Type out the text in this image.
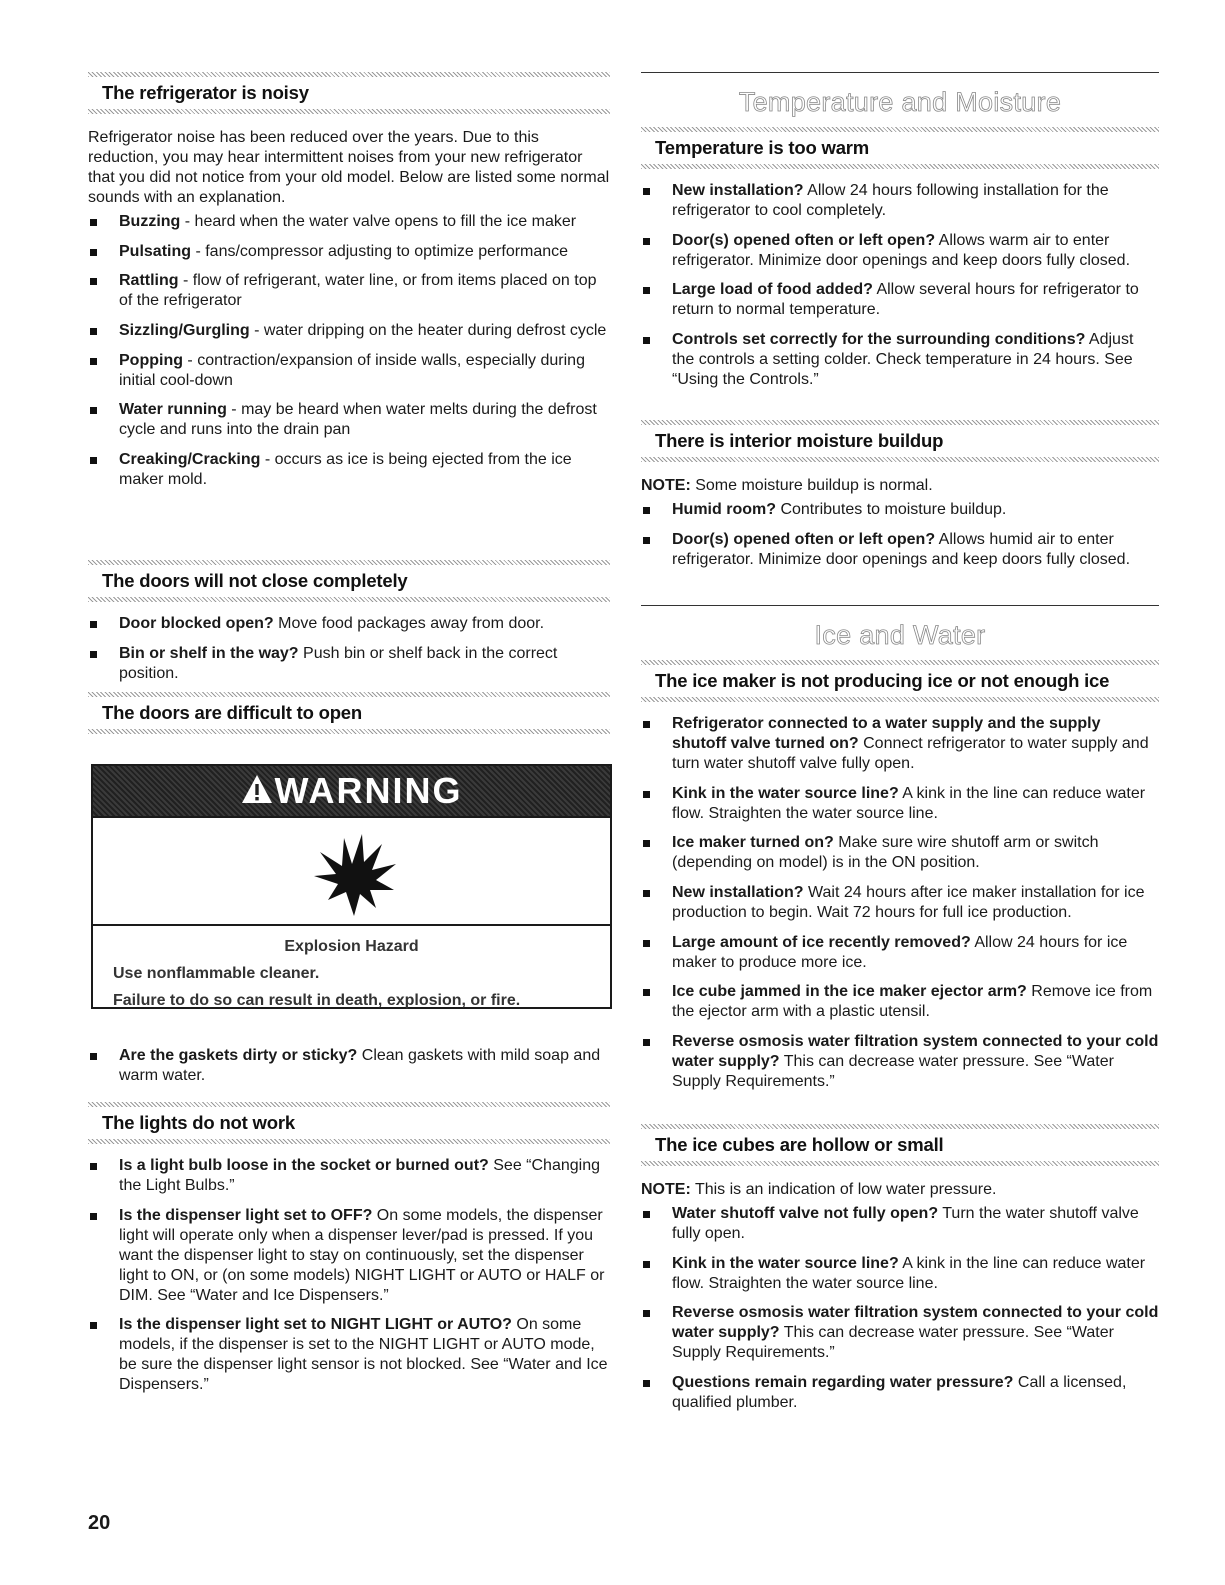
The refrigerator is noisy

Refrigerator noise has been reduced over the years. Due to this reduction, you may hear intermittent noises from your new refrigerator that you did not notice from your old model. Below are listed some normal sounds with an explanation.

Buzzing - heard when the water valve opens to fill the ice maker
Pulsating - fans/compressor adjusting to optimize performance
Rattling - flow of refrigerant, water line, or from items placed on top of the refrigerator
Sizzling/Gurgling - water dripping on the heater during defrost cycle
Popping - contraction/expansion of inside walls, especially during initial cool-down
Water running - may be heard when water melts during the defrost cycle and runs into the drain pan
Creaking/Cracking - occurs as ice is being ejected from the ice maker mold.
The doors will not close completely
Door blocked open? Move food packages away from door.
Bin or shelf in the way? Push bin or shelf back in the correct position.
The doors are difficult to open
Are the gaskets dirty or sticky? Clean gaskets with mild soap and warm water.
The lights do not work
Is a light bulb loose in the socket or burned out? See “Changing the Light Bulbs.”
Is the dispenser light set to OFF? On some models, the dispenser light will operate only when a dispenser lever/pad is pressed. If you want the dispenser light to stay on continuously, set the dispenser light to ON, or (on some models) NIGHT LIGHT or AUTO or HALF or DIM. See “Water and Ice Dispensers.”
Is the dispenser light set to NIGHT LIGHT or AUTO? On some models, if the dispenser is set to the NIGHT LIGHT or AUTO mode, be sure the dispenser light sensor is not blocked. See “Water and Ice Dispensers.”
WARNING
Explosion Hazard
Use nonflammable cleaner.
Failure to do so can result in death, explosion, or fire.
Temperature and Moisture
Temperature is too warm
New installation? Allow 24 hours following installation for the refrigerator to cool completely.
Door(s) opened often or left open? Allows warm air to enter refrigerator. Minimize door openings and keep doors fully closed.
Large load of food added? Allow several hours for refrigerator to return to normal temperature.
Controls set correctly for the surrounding conditions? Adjust the controls a setting colder. Check temperature in 24 hours. See “Using the Controls.”
There is interior moisture buildup

NOTE: Some moisture buildup is normal.

Humid room? Contributes to moisture buildup.
Door(s) opened often or left open? Allows humid air to enter refrigerator. Minimize door openings and keep doors fully closed.
Ice and Water
The ice maker is not producing ice or not enough ice
Refrigerator connected to a water supply and the supply shutoff valve turned on? Connect refrigerator to water supply and turn water shutoff valve fully open.
Kink in the water source line? A kink in the line can reduce water flow. Straighten the water source line.
Ice maker turned on? Make sure wire shutoff arm or switch (depending on model) is in the ON position.
New installation? Wait 24 hours after ice maker installation for ice production to begin. Wait 72 hours for full ice production.
Large amount of ice recently removed? Allow 24 hours for ice maker to produce more ice.
Ice cube jammed in the ice maker ejector arm? Remove ice from the ejector arm with a plastic utensil.
Reverse osmosis water filtration system connected to your cold water supply? This can decrease water pressure. See “Water Supply Requirements.”
The ice cubes are hollow or small

NOTE: This is an indication of low water pressure.

Water shutoff valve not fully open? Turn the water shutoff valve fully open.
Kink in the water source line? A kink in the line can reduce water flow. Straighten the water source line.
Reverse osmosis water filtration system connected to your cold water supply? This can decrease water pressure. See “Water Supply Requirements.”
Questions remain regarding water pressure? Call a licensed, qualified plumber.
20
